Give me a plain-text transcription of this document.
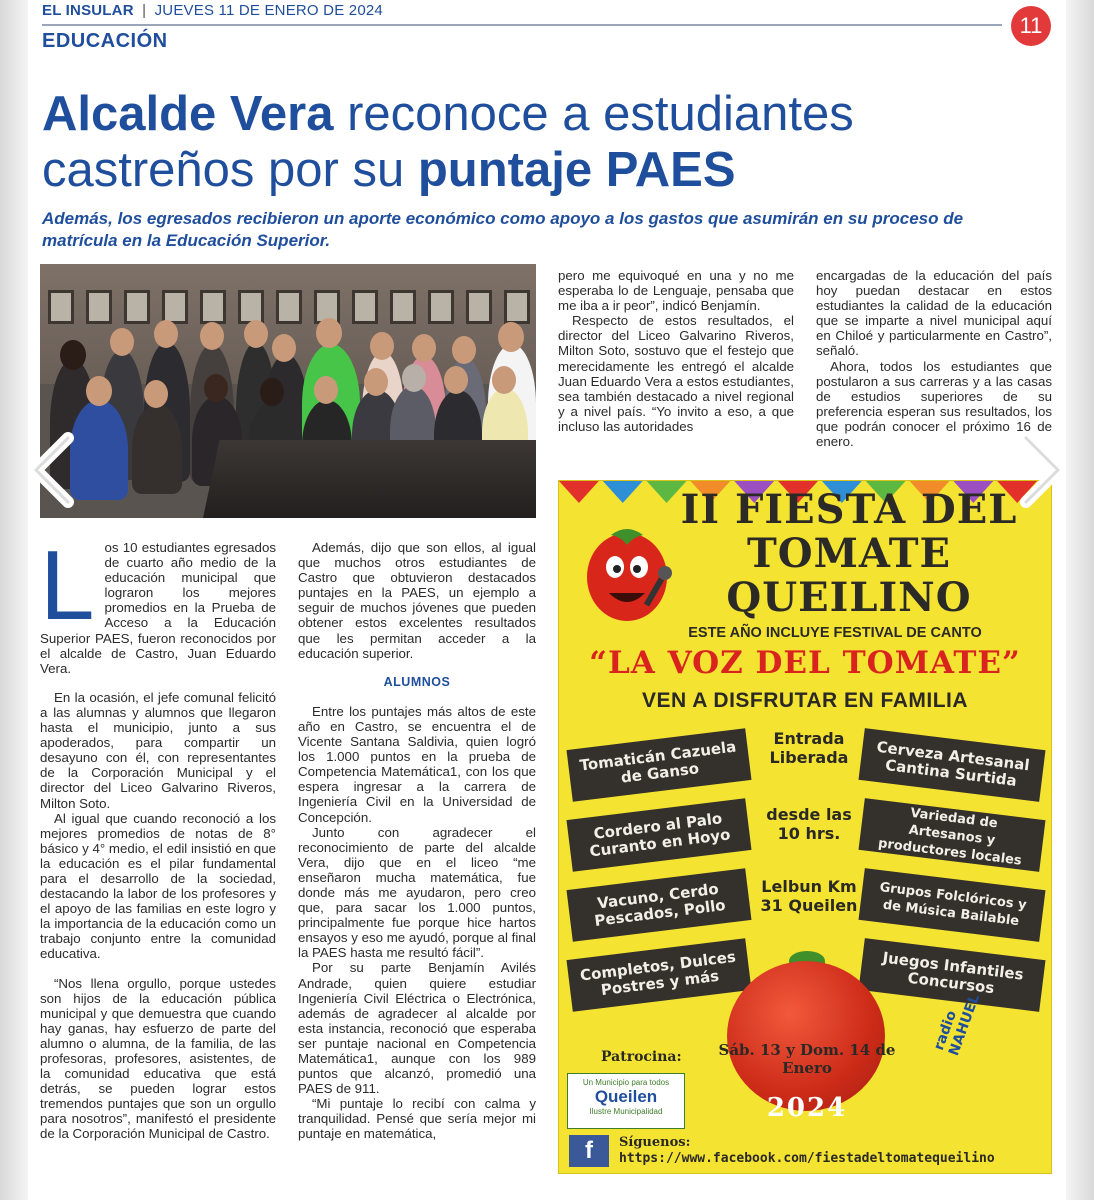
EL INSULAR | JUEVES 11 DE ENERO DE 2024
11
EDUCACIÓN
Alcalde Vera reconoce a estudiantes
castreños por su puntaje PAES
Además, los egresados recibieron un aporte económico como apoyo a los gastos que asumirán en su proceso de matrícula en la Educación Superior.
L os 10 estudiantes egresados de cuarto año medio de la educación municipal que lograron los mejores promedios en la Prueba de Acceso a la Educación Superior PAES, fueron reconocidos por el alcalde de Castro, Juan Eduardo Vera.

En la ocasión, el jefe comunal felicitó a las alumnas y alumnos que llegaron hasta el municipio, junto a sus apoderados, para compartir un desayuno con él, con representantes de la Corporación Municipal y el director del Liceo Galvarino Riveros, Milton Soto.

Al igual que cuando reconoció a los mejores promedios de notas de 8° básico y 4° medio, el edil insistió en que la educación es el pilar fundamental para el desarrollo de la sociedad, destacando la labor de los profesores y el apoyo de las familias en este logro y la importancia de la educación como un trabajo conjunto entre la comunidad educativa.

“Nos llena orgullo, porque ustedes son hijos de la educación pública municipal y que demuestra que cuando hay ganas, hay esfuerzo de parte del alumno o alumna, de la familia, de las profesoras, profesores, asistentes, de la comunidad educativa que está detrás, se pueden lograr estos tremendos puntajes que son un orgullo para nosotros”, manifestó el presidente de la Corporación Municipal de Castro.

Además, dijo que son ellos, al igual que muchos otros estudiantes de Castro que obtuvieron destacados puntajes en la PAES, un ejemplo a seguir de muchos jóvenes que pueden obtener estos excelentes resultados que les permitan acceder a la educación superior.

ALUMNOS

Entre los puntajes más altos de este año en Castro, se encuentra el de Vicente Santana Saldivia, quien logró los 1.000 puntos en la prueba de Competencia Matemática1, con los que espera ingresar a la carrera de Ingeniería Civil en la Universidad de Concepción.

Junto con agradecer el reconocimiento de parte del alcalde Vera, dijo que en el liceo “me enseñaron mucha matemática, fue donde más me ayudaron, pero creo que, para sacar los 1.000 puntos, principalmente fue porque hice hartos ensayos y eso me ayudó, porque al final la PAES hasta me resultó fácil”.

Por su parte Benjamín Avilés Andrade, quien quiere estudiar Ingeniería Civil Eléctrica o Electrónica, además de agradecer al alcalde por esta instancia, reconoció que esperaba ser puntaje nacional en Competencia Matemática1, aunque con los 989 puntos que alcanzó, promedió una PAES de 911.

“Mi puntaje lo recibí con calma y tranquilidad. Pensé que sería mejor mi puntaje en matemática,

pero me equivoqué en una y no me esperaba lo de Lenguaje, pensaba que me iba a ir peor”, indicó Benjamín.

Respecto de estos resultados, el director del Liceo Galvarino Riveros, Milton Soto, sostuvo que el festejo que merecidamente les entregó el alcalde Juan Eduardo Vera a estos estudiantes, sea también destacado a nivel regional y a nivel país. “Yo invito a eso, a que incluso las autoridades

encargadas de la educación del país hoy puedan destacar en estos estudiantes la calidad de la educación que se imparte a nivel municipal aquí en Chiloé y particularmente en Castro”, señaló.

Ahora, todos los estudiantes que postularon a sus carreras y a las casas de estudios superiores de su preferencia esperan sus resultados, los que podrán conocer el próximo 16 de enero.

II FIESTA DEL
TOMATE
QUEILINO
ESTE AÑO INCLUYE FESTIVAL DE CANTO
“LA VOZ DEL TOMATE”
VEN A DISFRUTAR EN FAMILIA
Tomaticán Cazuela de Ganso
Cordero al Palo Curanto en Hoyo
Vacuno, Cerdo Pescados, Pollo
Completos, Dulces Postres y más
Cerveza Artesanal Cantina Surtida
Variedad de Artesanos y productores locales
Grupos Folclóricos y de Música Bailable
Juegos Infantiles Concursos
Entrada Liberada
desde las 10 hrs.
Lelbun Km 31 Queilen
Sáb. 13 y Dom. 14 de Enero
2024
Patrocina:
Un Municipio para todos
Queilen
Ilustre Municipalidad
radio NAHUEL
f	Síguenos:
https://www.facebook.com/fiestadeltomatequeilino
